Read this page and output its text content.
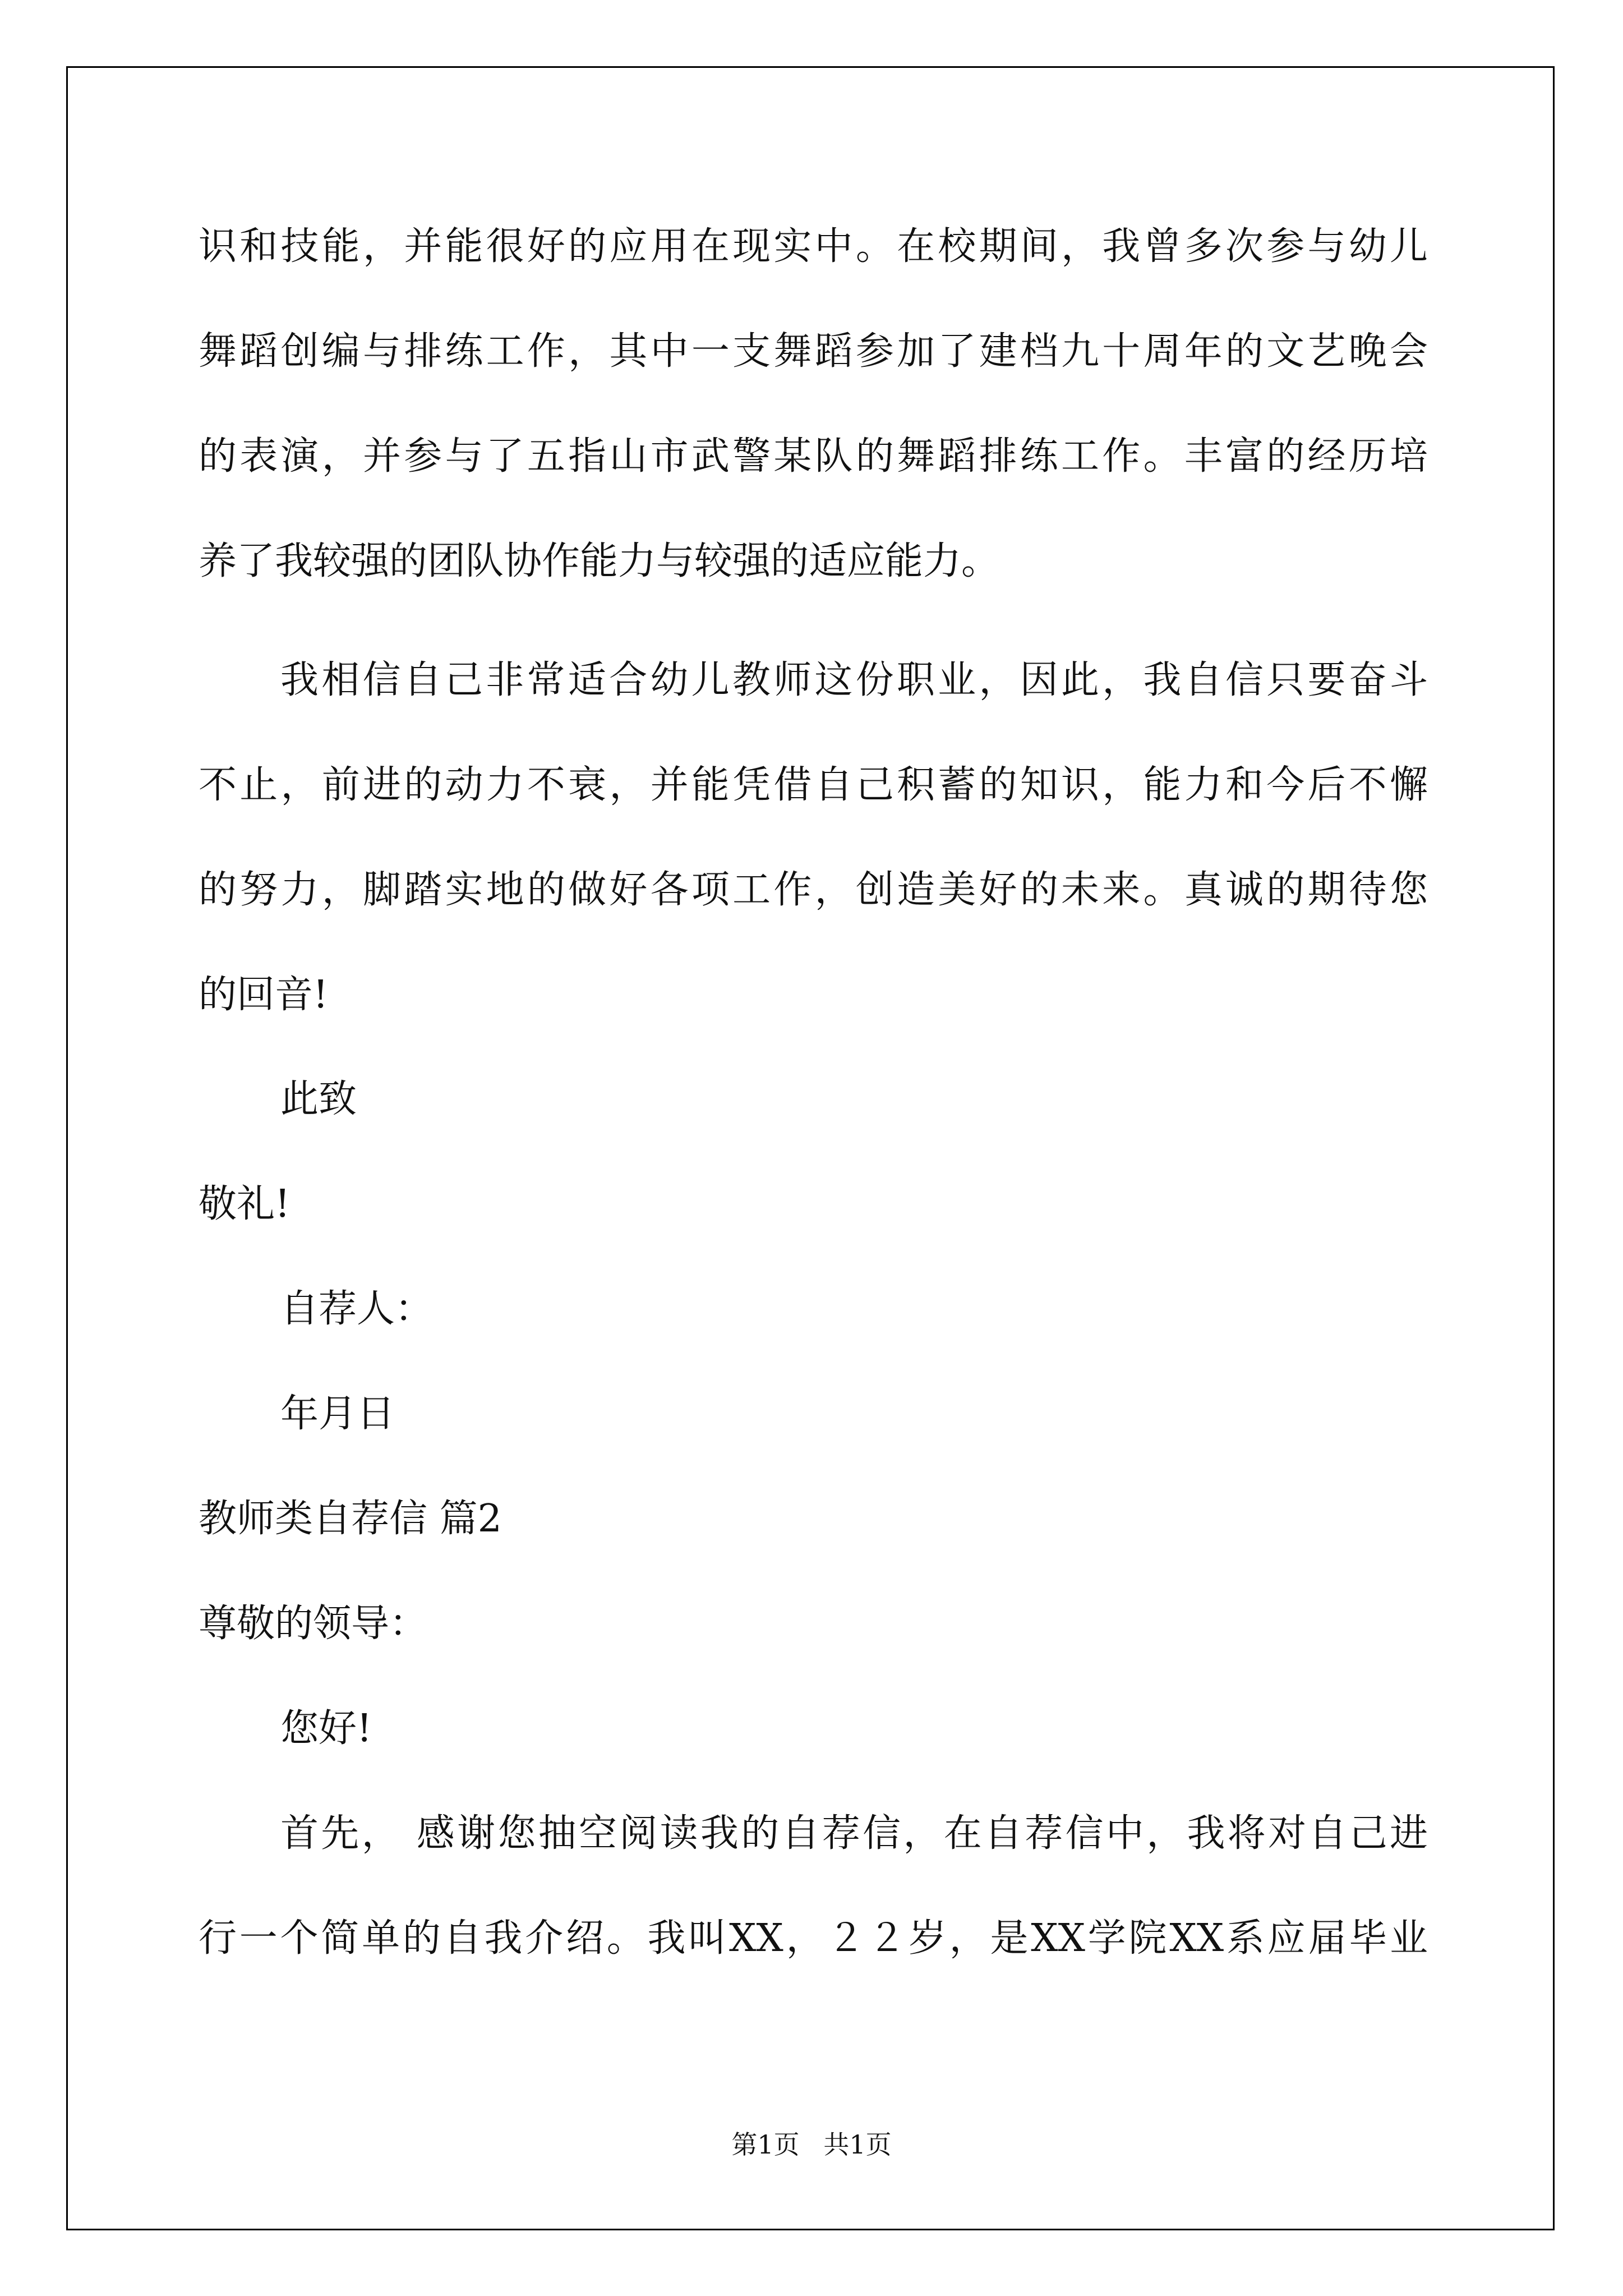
识和技能，并能很好的应用在现实中。在校期间，我曾多次参与幼儿

舞蹈创编与排练工作，其中一支舞蹈参加了建档九十周年的文艺晚会

的表演，并参与了五指山市武警某队的舞蹈排练工作。丰富的经历培

养了我较强的团队协作能力与较强的适应能力。

我相信自己非常适合幼儿教师这份职业，因此，我自信只要奋斗

不止，前进的动力不衰，并能凭借自己积蓄的知识，能力和今后不懈

的努力，脚踏实地的做好各项工作，创造美好的未来。真诚的期待您

的回音!

此致

敬礼!

自荐人：

年月日

教师类自荐信 篇2

尊敬的领导：

您好!

首先， 感谢您抽空阅读我的自荐信，在自荐信中，我将对自己进

行一个简单的自我介绍。我叫XX，２２岁，是XX学院XX系应届毕业

第1页 共1页
